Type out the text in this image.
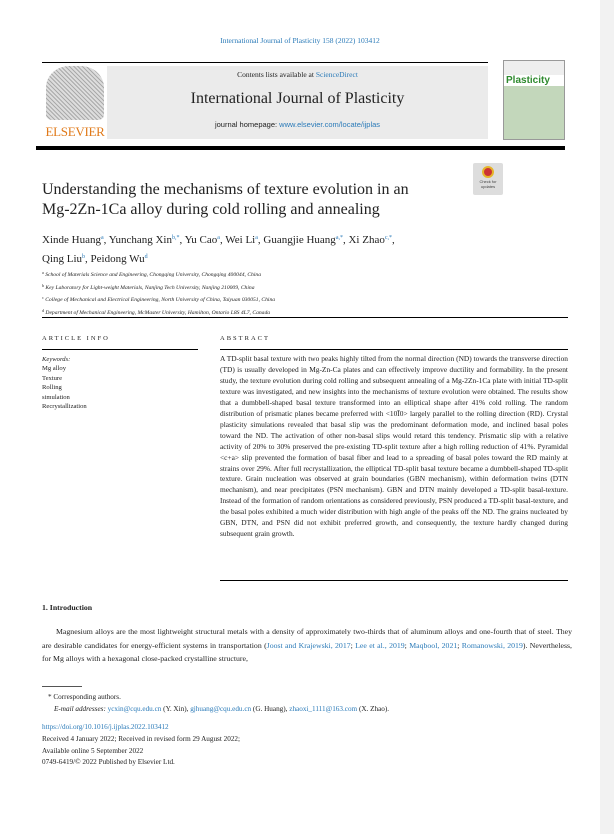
International Journal of Plasticity 158 (2022) 103412
ELSEVIER
Contents lists available at ScienceDirect
International Journal of Plasticity
journal homepage: www.elsevier.com/locate/ijplas
Plasticity
Understanding the mechanisms of texture evolution in an
Mg-2Zn-1Ca alloy during cold rolling and annealing
Check for updates
Xinde Huang$^a$, Yunchang Xin$^{b,*}$, Yu Cao$^a$, Wei Li$^a$, Guangjie Huang$^{a,*}$, Xi Zhao$^{c,*}$,
Qing Liu$^b$, Peidong Wu$^d$
$^a$ School of Materials Science and Engineering, Chongqing University, Chongqing 400044, China
$^b$ Key Laboratory for Light-weight Materials, Nanjing Tech University, Nanjing 210009, China
$^c$ College of Mechanical and Electrical Engineering, North University of China, Taiyuan 030051, China
$^d$ Department of Mechanical Engineering, McMaster University, Hamilton, Ontario L8S 4L7, Canada
ARTICLE INFO
Keywords:
Mg alloy
Texture
Rolling
simulation
Recrystallization
ABSTRACT
A TD-split basal texture with two peaks highly tilted from the normal direction (ND) towards the transverse direction (TD) is usually developed in Mg-Zn-Ca plates and can effectively improve ductility and formability. In the present study, the texture evolution during cold rolling and subsequent annealing of a Mg-2Zn-1Ca plate with initial TD-split texture was investigated, and new insights into the mechanisms of texture evolution were obtained. The results show that a dumbbell-shaped basal texture transformed into an elliptical shape after 41% cold rolling. The random distribution of prismatic planes became preferred with <10Ī0> largely parallel to the rolling direction (RD). Crystal plasticity simulations revealed that basal slip was the predominant deformation mode, and inclined basal poles toward the ND. The activation of other non-basal slips would retard this tendency. Prismatic slip with a relative activity of 20% to 30% preserved the pre-existing TD-split texture after a high rolling reduction of 41%. Pyramidal <c+a> slip prevented the formation of basal fiber and lead to a spreading of basal poles toward the RD mainly at strains over 29%. After full recrystallization, the elliptical TD-split basal texture became a dumbbell-shaped TD-split texture. Grain nucleation was observed at grain boundaries (GBN mechanism), within deformation twins (DTN mechanism), and near precipitates (PSN mechanism). GBN and DTN mainly developed a TD-split basal-texture. Instead of the formation of random orientations as considered previously, PSN produced a TD-split basal-texture, and the basal poles exhibited a much wider distribution with high angle of the peaks off the ND. The grains nucleated by GBN, DTN, and PSN did not exhibit preferred growth, and consequently, the texture hardly changed during subsequent grain growth.
1. Introduction
Magnesium alloys are the most lightweight structural metals with a density of approximately two-thirds that of aluminum alloys and one-fourth that of steel. They are desirable candidates for energy-efficient systems in transportation (Joost and Krajewski, 2017; Lee et al., 2019; Maqbool, 2021; Romanowski, 2019). Nevertheless, for Mg alloys with a hexagonal close-packed crystalline structure,
* Corresponding authors.
E-mail addresses: ycxin@cqu.edu.cn (Y. Xin), gjhuang@cqu.edu.cn (G. Huang), zhaoxi_1111@163.com (X. Zhao).
https://doi.org/10.1016/j.ijplas.2022.103412
Received 4 January 2022; Received in revised form 29 August 2022;
Available online 5 September 2022
0749-6419/© 2022 Published by Elsevier Ltd.
